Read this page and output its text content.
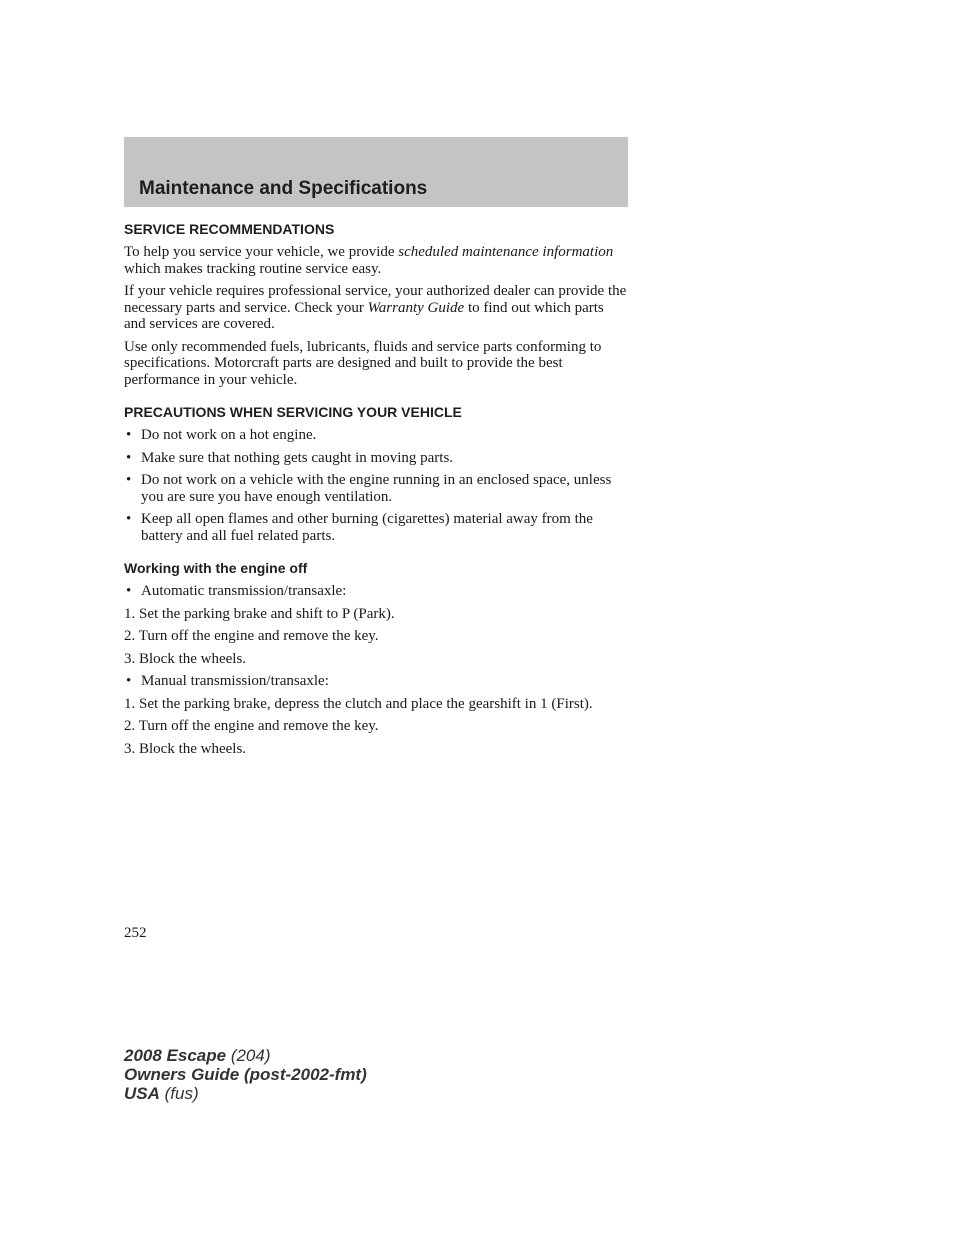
Maintenance and Specifications
SERVICE RECOMMENDATIONS

To help you service your vehicle, we provide scheduled maintenance information which makes tracking routine service easy.

If your vehicle requires professional service, your authorized dealer can provide the necessary parts and service. Check your Warranty Guide to find out which parts and services are covered.

Use only recommended fuels, lubricants, fluids and service parts conforming to specifications. Motorcraft parts are designed and built to provide the best performance in your vehicle.

PRECAUTIONS WHEN SERVICING YOUR VEHICLE
• Do not work on a hot engine.
• Make sure that nothing gets caught in moving parts.
• Do not work on a vehicle with the engine running in an enclosed space, unless you are sure you have enough ventilation.
• Keep all open flames and other burning (cigarettes) material away from the battery and all fuel related parts.
Working with the engine off
• Automatic transmission/transaxle:
1. Set the parking brake and shift to P (Park).
2. Turn off the engine and remove the key.
3. Block the wheels.
• Manual transmission/transaxle:
1. Set the parking brake, depress the clutch and place the gearshift in 1 (First).
2. Turn off the engine and remove the key.
3. Block the wheels.
252
2008 Escape (204)
Owners Guide (post-2002-fmt)
USA (fus)
